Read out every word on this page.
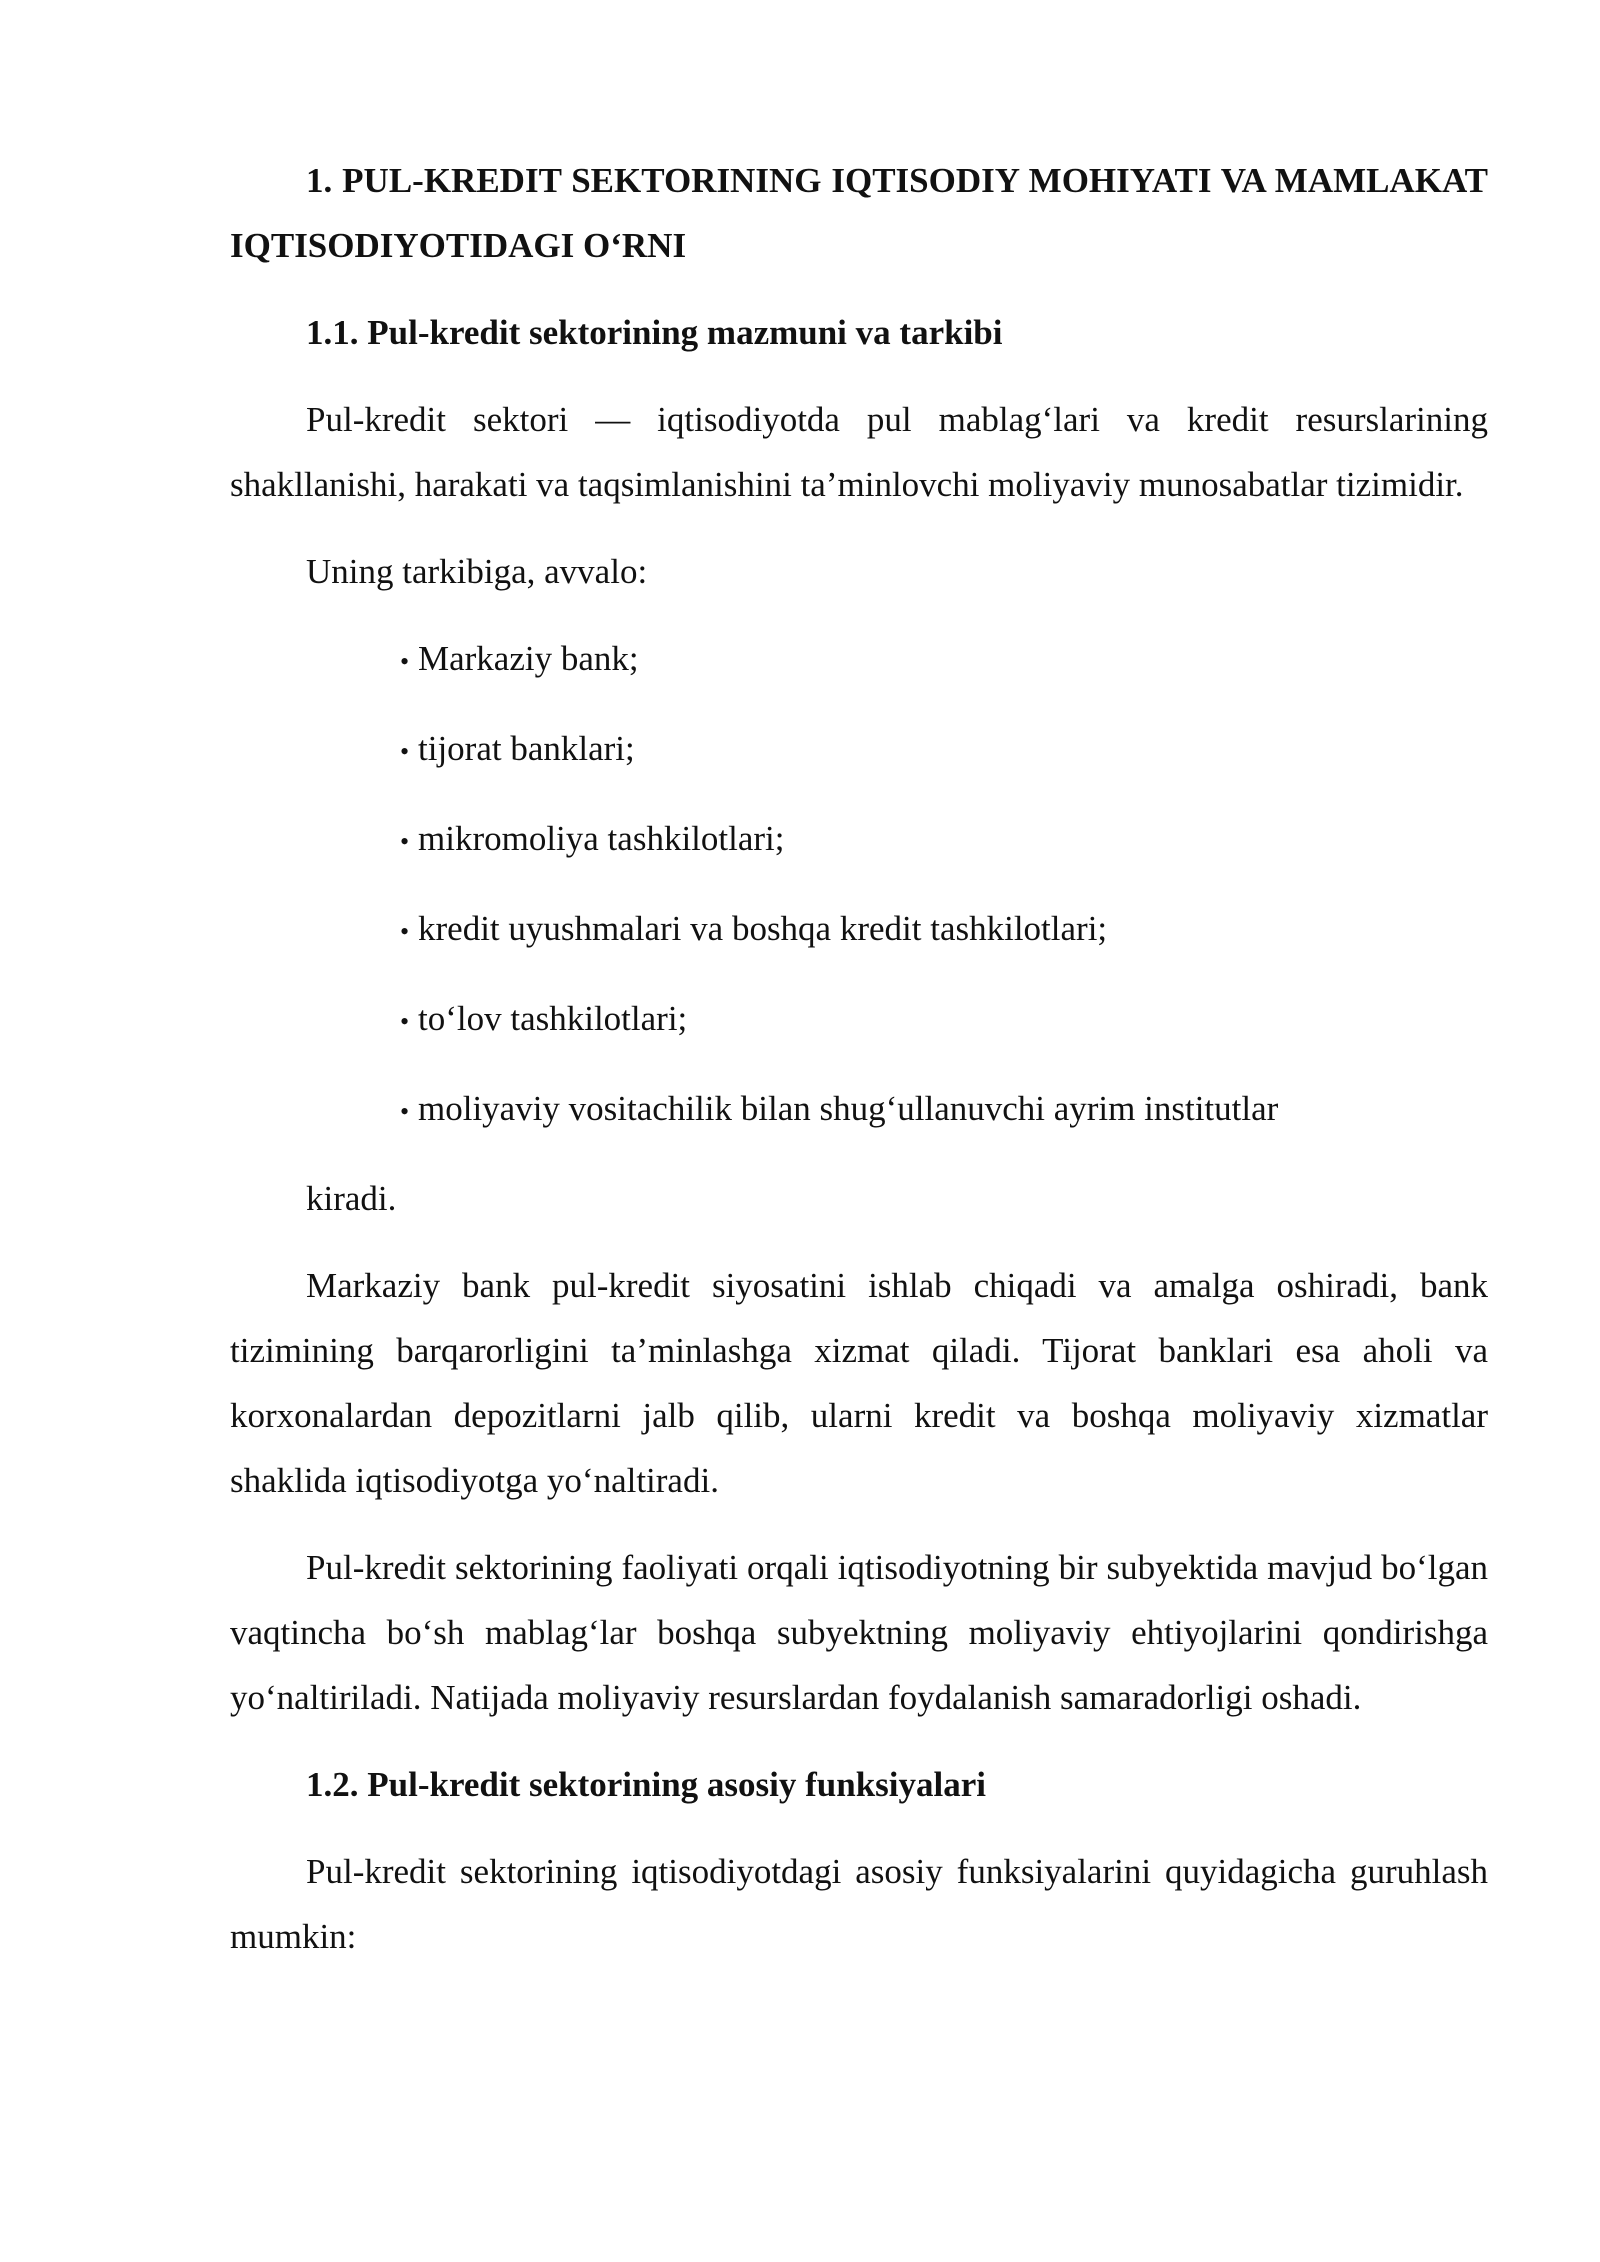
1. PUL-KREDIT SEKTORINING IQTISODIY MOHIYATI VA MAMLAKAT IQTISODIYOTIDAGI O‘RNI
1.1. Pul-kredit sektorining mazmuni va tarkibi

Pul-kredit sektori — iqtisodiyotda pul mablag‘lari va kredit resurslarining shakllanishi, harakati va taqsimlanishini ta’minlovchi moliyaviy munosabatlar tizimidir.

Uning tarkibiga, avvalo:

• Markaziy bank;
• tijorat banklari;
• mikromoliya tashkilotlari;
• kredit uyushmalari va boshqa kredit tashkilotlari;
• to‘lov tashkilotlari;
• moliyaviy vositachilik bilan shug‘ullanuvchi ayrim institutlar

kiradi.

Markaziy bank pul-kredit siyosatini ishlab chiqadi va amalga oshiradi, bank tizimining barqarorligini ta’minlashga xizmat qiladi. Tijorat banklari esa aholi va korxonalardan depozitlarni jalb qilib, ularni kredit va boshqa moliyaviy xizmatlar shaklida iqtisodiyotga yo‘naltiradi.

Pul-kredit sektorining faoliyati orqali iqtisodiyotning bir subyektida mavjud bo‘lgan vaqtincha bo‘sh mablag‘lar boshqa subyektning moliyaviy ehtiyojlarini qondirishga yo‘naltiriladi. Natijada moliyaviy resurslardan foydalanish samaradorligi oshadi.

1.2. Pul-kredit sektorining asosiy funksiyalari

Pul-kredit sektorining iqtisodiyotdagi asosiy funksiyalarini quyidagicha guruhlash mumkin:
